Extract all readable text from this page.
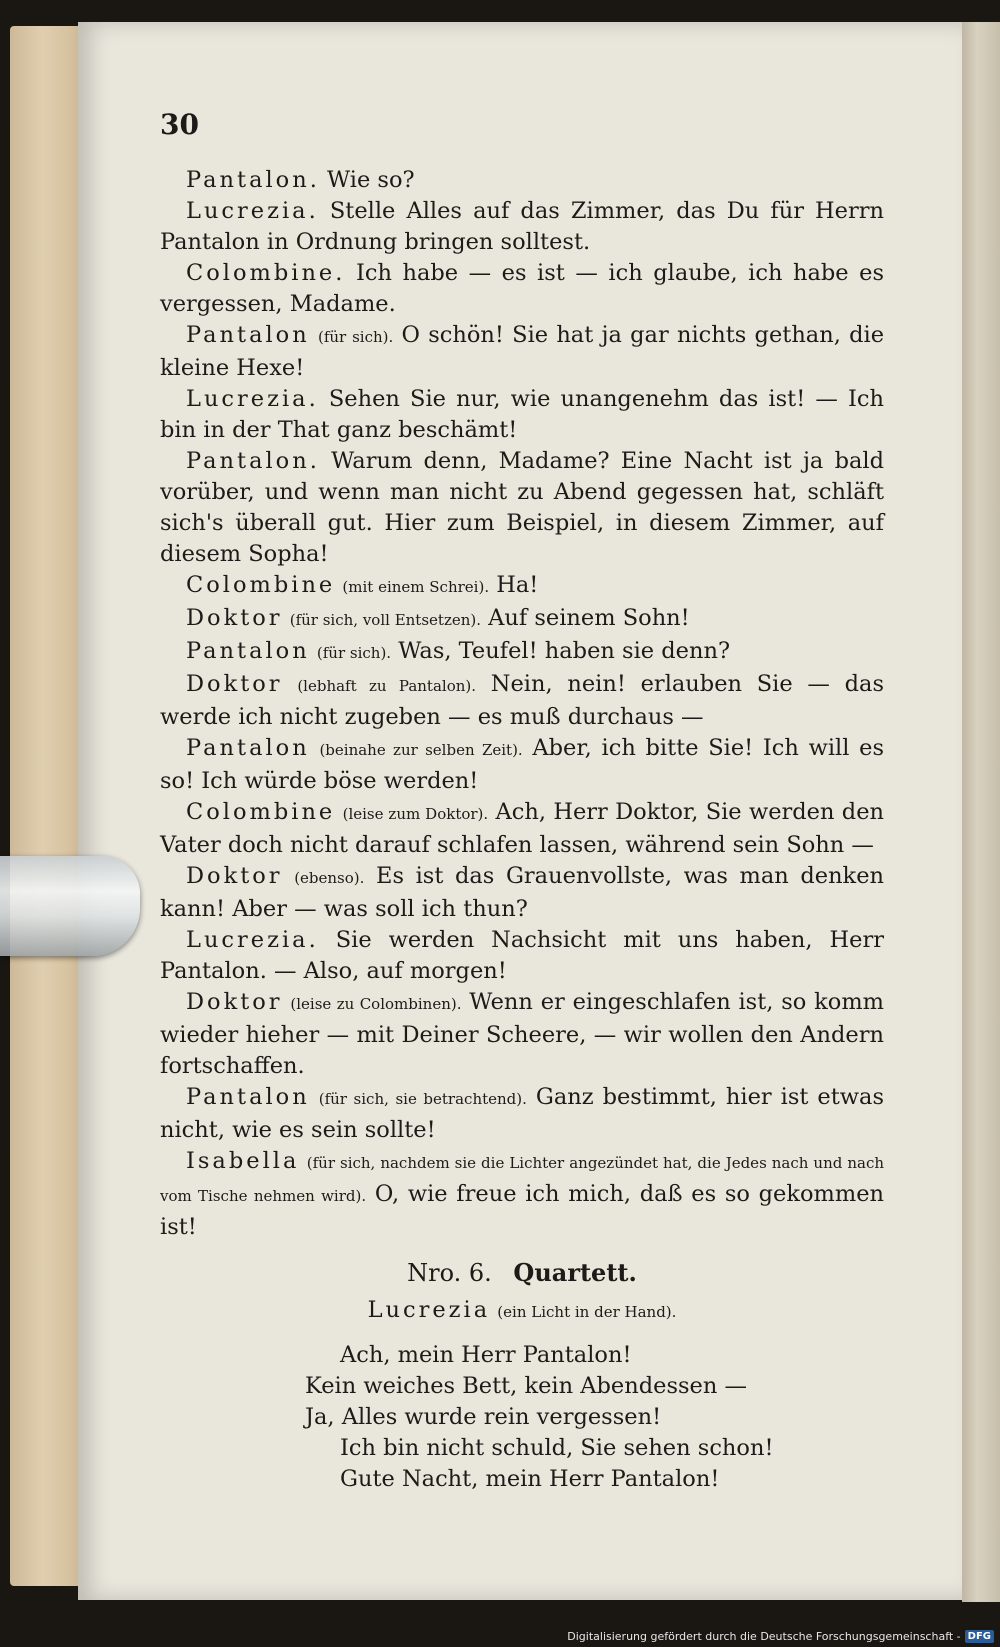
30

Pantalon. Wie so?

Lucrezia. Stelle Alles auf das Zimmer, das Du für Herrn Pantalon in Ordnung bringen solltest.

Colombine. Ich habe — es ist — ich glaube, ich habe es vergessen, Madame.

Pantalon (für sich). O schön! Sie hat ja gar nichts gethan, die kleine Hexe!

Lucrezia. Sehen Sie nur, wie unangenehm das ist! — Ich bin in der That ganz beschämt!

Pantalon. Warum denn, Madame? Eine Nacht ist ja bald vorüber, und wenn man nicht zu Abend gegessen hat, schläft sich's überall gut. Hier zum Beispiel, in diesem Zimmer, auf diesem Sopha!

Colombine (mit einem Schrei). Ha!

Doktor (für sich, voll Entsetzen). Auf seinem Sohn!

Pantalon (für sich). Was, Teufel! haben sie denn?

Doktor (lebhaft zu Pantalon). Nein, nein! erlauben Sie — das werde ich nicht zugeben — es muß durchaus —

Pantalon (beinahe zur selben Zeit). Aber, ich bitte Sie! Ich will es so! Ich würde böse werden!

Colombine (leise zum Doktor). Ach, Herr Doktor, Sie werden den Vater doch nicht darauf schlafen lassen, während sein Sohn —

Doktor (ebenso). Es ist das Grauenvollste, was man denken kann! Aber — was soll ich thun?

Lucrezia. Sie werden Nachsicht mit uns haben, Herr Pantalon. — Also, auf morgen!

Doktor (leise zu Colombinen). Wenn er eingeschlafen ist, so komm wieder hieher — mit Deiner Scheere, — wir wollen den Andern fortschaffen.

Pantalon (für sich, sie betrachtend). Ganz bestimmt, hier ist etwas nicht, wie es sein sollte!

Isabella (für sich, nachdem sie die Lichter angezündet hat, die Jedes nach und nach vom Tische nehmen wird). O, wie freue ich mich, daß es so gekommen ist!

Nro. 6. Quartett.
Lucrezia (ein Licht in der Hand).

Ach, mein Herr Pantalon!

Kein weiches Bett, kein Abendessen —

Ja, Alles wurde rein vergessen!

Ich bin nicht schuld, Sie sehen schon!

Gute Nacht, mein Herr Pantalon!

Digitalisierung gefördert durch die Deutsche Forschungsgemeinschaft - DFG
